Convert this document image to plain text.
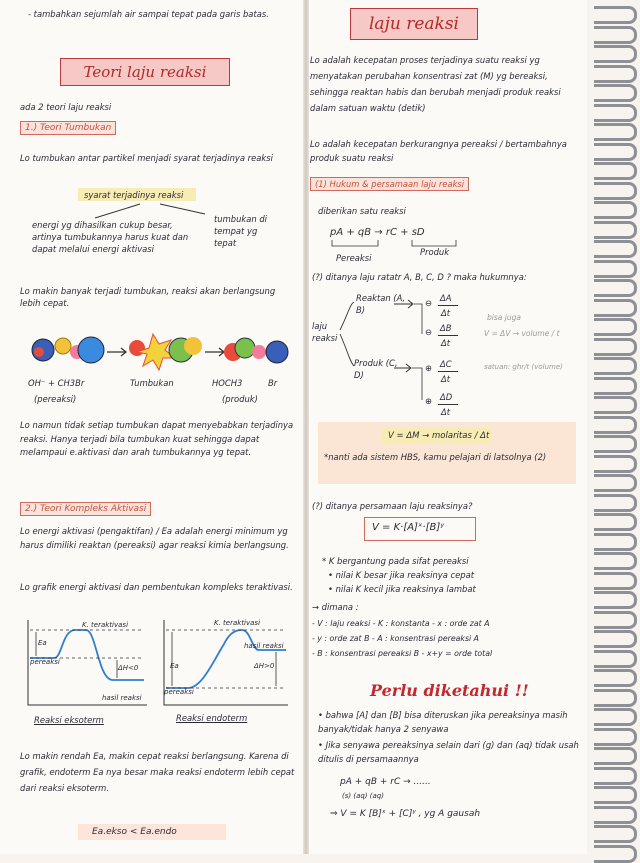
- tambahkan sejumlah air sampai tepat pada garis batas.
Teori laju reaksi
ada 2 teori laju reaksi
1.) Teori Tumbukan
Lo tumbukan antar partikel menjadi syarat terjadinya reaksi
syarat terjadinya reaksi
energi yg dihasilkan cukup besar, artinya tumbukannya harus kuat dan dapat melalui energi aktivasi
tumbukan di tempat yg tepat
Lo makin banyak terjadi tumbukan, reaksi akan berlangsung lebih cepat.
OH⁻ + CH3Br	Tumbukan	HOCH3	Br
(pereaksi)	(produk)
Lo namun tidak setiap tumbukan dapat menyebabkan terjadinya reaksi. Hanya terjadi bila tumbukan kuat sehingga dapat melampaui e.aktivasi dan arah tumbukannya yg tepat.
2.) Teori Kompleks Aktivasi
Lo energi aktivasi (pengaktifan) / Ea adalah energi minimum yg harus dimiliki reaktan (pereaksi) agar reaksi kimia berlangsung.
Lo grafik energi aktivasi dan pembentukan kompleks teraktivasi.
K. teraktivasi
Ea
pereaksi
ΔH<0
hasil reaksi
Reaksi eksoterm
K. teraktivasi
Ea
pereaksi
hasil reaksi
ΔH>0
Reaksi endoterm
Lo makin rendah Ea, makin cepat reaksi berlangsung. Karena di grafik, endoterm Ea nya besar maka reaksi endoterm lebih cepat dari reaksi eksoterm.
Ea.ekso < Ea.endo
laju reaksi
Lo adalah kecepatan proses terjadinya suatu reaksi yg menyatakan perubahan konsentrasi zat (M) yg bereaksi, sehingga reaktan habis dan berubah menjadi produk reaksi dalam satuan waktu (detik)
Lo adalah kecepatan berkurangnya pereaksi / bertambahnya produk suatu reaksi
(1) Hukum & persamaan laju reaksi
diberikan satu reaksi
pA + qB → rC + sD
Pereaksi
Produk
(?) ditanya laju ratatr A, B, C, D ? maka hukumnya:
laju reaksi
Reaktan (A, B)
Produk (C, D)
⊖ ΔA
Δt
⊖ ΔB
Δt
⊕ ΔC
Δt
⊕ ΔD
Δt
bisa juga
V = ΔV → volume / t
satuan: ghr/t (volume)
V = ΔM → molaritas / Δt
*nanti ada sistem HBS, kamu pelajari di latsolnya (2)
(?) ditanya persamaan laju reaksinya?
V = K·[A]ˣ·[B]ʸ
* K bergantung pada sifat pereaksi
• nilai K besar jika reaksinya cepat
• nilai K kecil jika reaksinya lambat
→ dimana :
- V : laju reaksi - K : konstanta - x : orde zat A
- y : orde zat B - A : konsentrasi pereaksi A
- B : konsentrasi pereaksi B - x+y = orde total
Perlu diketahui !!
• bahwa [A] dan [B] bisa diteruskan jika pereaksinya masih banyak/tidak hanya 2 senyawa
• Jika senyawa pereaksinya selain dari (g) dan (aq) tidak usah ditulis di persamaannya
pA + qB + rC → ......
(s) (aq) (aq)
⇒ V = K [B]ˣ + [C]ʸ , yg A gausah
